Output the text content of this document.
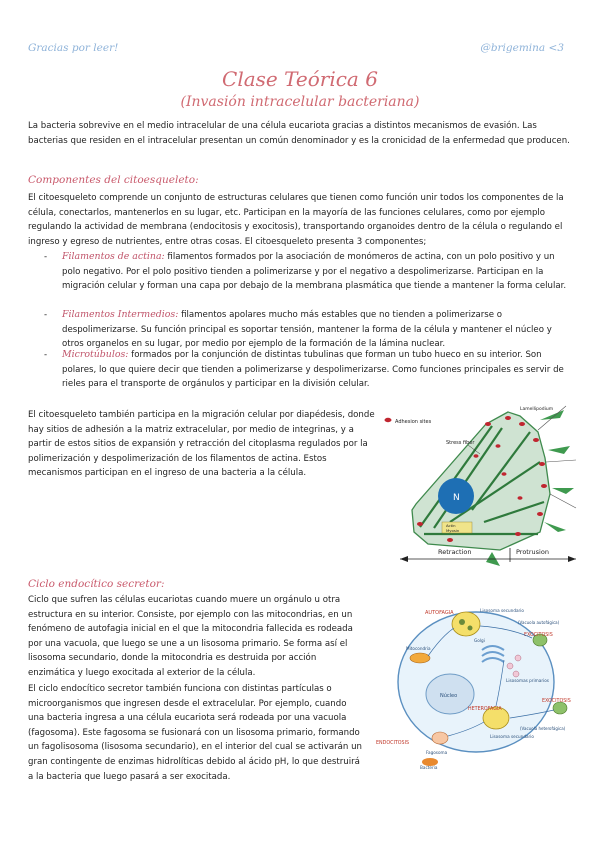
Gracias por leer!	@brigemina <3
Clase Teórica 6
(Invasión intracelular bacteriana)
La bacteria sobrevive en el medio intracelular de una célula eucariota gracias a distintos mecanismos de evasión. Las bacterias que residen en el intracelular presentan un común denominador y es la cronicidad de la enfermedad que producen.
Componentes del citoesqueleto:
El citoesqueleto comprende un conjunto de estructuras celulares que tienen como función unir todos los componentes de la célula, conectarlos, mantenerlos en su lugar, etc. Participan en la mayoría de las funciones celulares, como por ejemplo regulando la actividad de membrana (endocitosis y exocitosis), transportando organoides dentro de la célula o regulando el ingreso y egreso de nutrientes, entre otras cosas. El citoesqueleto presenta 3 componentes;
- Filamentos de actina: filamentos formados por la asociación de monómeros de actina, con un polo positivo y un polo negativo. Por el polo positivo tienden a polimerizarse y por el negativo a despolimerizarse. Participan en la migración celular y forman una capa por debajo de la membrana plasmática que tiende a mantener la forma celular.
- Filamentos Intermedios: filamentos apolares mucho más estables que no tienden a polimerizarse o despolimerizarse. Su función principal es soportar tensión, mantener la forma de la célula y mantener el núcleo y otros organelos en su lugar, por medio por ejemplo de la formación de la lámina nuclear.
- Microtúbulos: formados por la conjunción de distintas tubulinas que forman un tubo hueco en su interior. Son polares, lo que quiere decir que tienden a polimerizarse y despolimerizarse. Como funciones principales es servir de rieles para el transporte de orgánulos y participar en la división celular.
El citoesqueleto también participa en la migración celular por diapédesis, donde hay sitios de adhesión a la matriz extracelular, por medio de integrinas, y a partir de estos sitios de expansión y retracción del citoplasma regulados por la polimerización y despolimerización de los filamentos de actina. Estos mecanismos participan en el ingreso de una bacteria a la célula.
Adhesion sites
Stress fiber
N
Lamellipodium
Actin
Myosin
Retraction	Protrusion
Ciclo endocítico secretor:
Ciclo que sufren las células eucariotas cuando muere un orgánulo u otra estructura en su interior. Consiste, por ejemplo con las mitocondrias, en un fenómeno de autofagia inicial en el que la mitocondria fallecida es rodeada por una vacuola, que luego se une a un lisosoma primario. Se forma así el lisosoma secundario, donde la mitocondria es destruida por acción enzimática y luego exocitada al exterior de la célula.
El ciclo endocítico secretor también funciona con distintas partículas o microorganismos que ingresen desde el extracelular. Por ejemplo, cuando una bacteria ingresa a una célula eucariota será rodeada por una vacuola (fagosoma). Este fagosoma se fusionará con un lisosoma primario, formando un fagolisosoma (lisosoma secundario), en el interior del cual se activarán un gran contingente de enzimas hidrolíticas debido al ácido pH, lo que destruirá a la bacteria que luego pasará a ser exocitada.
Núcleo
AUTOFAGIA	Lisosoma secundario
(Vacuola autofágica)
Mitocondria
Golgi
Lisosomas primarios
EXOCITOSIS
HETEROFAGIA
Lisosoma secundario
(Vacuola heterofágica)
EXOCITOSIS
Fagosoma
Bacteria
ENDOCITOSIS
